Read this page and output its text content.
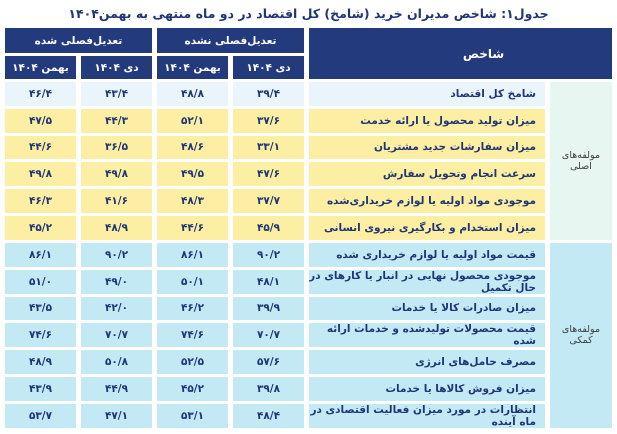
جدول۱: شاخص مدیران خرید (شامخ) کل اقتصاد در دو ماه منتهی به بهمن۱۴۰۴
شاخص		تعدیل‌فصلی نشده		تعدیل‌فصلی شده	
		دی ۱۴۰۴	بهمن ۱۴۰۴	دی ۱۴۰۴	بهمن ۱۴۰۴
مولفه‌های اصلی	شامخ کل اقتصاد	۳۹/۴	۴۸/۸	۴۳/۴	۴۶/۴
	میزان تولید محصول یا ارائه خدمت	۳۷/۶	۵۲/۱	۴۴/۳	۴۷/۵
	میزان سفارشات جدید مشتریان	۳۳/۱	۴۸/۶	۳۶/۵	۴۴/۶
	سرعت انجام وتحویل سفارش	۴۷/۶	۴۹/۵	۴۹/۸	۴۹/۸
	موجودی مواد اولیه یا لوازم خریداری‌شده	۳۷/۷	۴۸/۳	۴۱/۶	۴۶/۳
	میزان استخدام و بکارگیری نیروی انسانی	۴۵/۹	۴۴/۶	۴۸/۹	۴۵/۲
مولفه‌های کمکی	قیمت مواد اولیه یا لوازم خریداری شده	۹۰/۲	۸۶/۱	۹۰/۲	۸۶/۱
	موجودی محصول نهایی در انبار یا کارهای در حال تکمیل	۴۸/۱	۵۰/۱	۴۹/۰	۵۱/۰
	میزان صادرات کالا یا خدمات	۳۹/۹	۴۶/۲	۴۲/۰	۴۳/۵
	قیمت محصولات تولیدشده و خدمات ارائه شده	۷۰/۷	۷۴/۶	۷۰/۷	۷۴/۶
	مصرف حامل‌های انرژی	۵۷/۶	۵۲/۵	۵۰/۸	۴۸/۹
	میزان فروش کالاها یا خدمات	۳۹/۸	۴۵/۲	۴۴/۹	۴۳/۹
	انتظارات در مورد میزان فعالیت اقتصادی در ماه آینده	۴۸/۴	۵۳/۱	۴۷/۱	۵۳/۷
